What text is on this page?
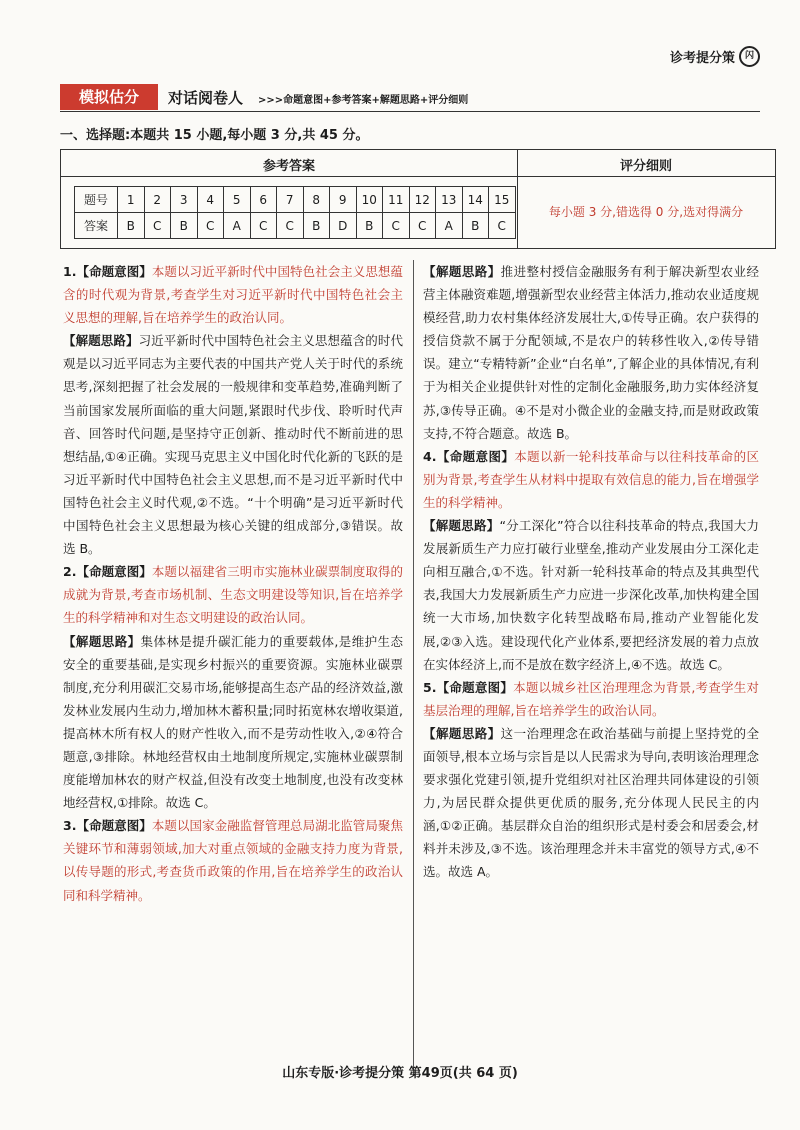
诊考提分策	闪
模拟估分	对话阅卷人 >>>命题意图+参考答案+解题思路+评分细则
一、选择题:本题共 15 小题,每小题 3 分,共 45 分。
参考答案	评分细则
题号	1	2	3	4	5	6	7	8	9	10	11	12	13	14	15
答案	B	C	B	C	A	C	C	B	D	B	C	C	A	B	C
每小题 3 分,错选得 0 分,选对得满分

1.【命题意图】本题以习近平新时代中国特色社会主义思想蕴含的时代观为背景,考查学生对习近平新时代中国特色社会主义思想的理解,旨在培养学生的政治认同。

【解题思路】习近平新时代中国特色社会主义思想蕴含的时代观是以习近平同志为主要代表的中国共产党人关于时代的系统思考,深刻把握了社会发展的一般规律和变革趋势,准确判断了当前国家发展所面临的重大问题,紧跟时代步伐、聆听时代声音、回答时代问题,是坚持守正创新、推动时代不断前进的思想结晶,①④正确。实现马克思主义中国化时代化新的飞跃的是习近平新时代中国特色社会主义思想,而不是习近平新时代中国特色社会主义时代观,②不选。“十个明确”是习近平新时代中国特色社会主义思想最为核心关键的组成部分,③错误。故选 B。

2.【命题意图】本题以福建省三明市实施林业碳票制度取得的成就为背景,考查市场机制、生态文明建设等知识,旨在培养学生的科学精神和对生态文明建设的政治认同。

【解题思路】集体林是提升碳汇能力的重要载体,是维护生态安全的重要基础,是实现乡村振兴的重要资源。实施林业碳票制度,充分利用碳汇交易市场,能够提高生态产品的经济效益,激发林业发展内生动力,增加林木蓄积量;同时拓宽林农增收渠道,提高林木所有权人的财产性收入,而不是劳动性收入,②④符合题意,③排除。林地经营权由土地制度所规定,实施林业碳票制度能增加林农的财产权益,但没有改变土地制度,也没有改变林地经营权,①排除。故选 C。

3.【命题意图】本题以国家金融监督管理总局湖北监管局聚焦关键环节和薄弱领域,加大对重点领域的金融支持力度为背景,以传导题的形式,考查货币政策的作用,旨在培养学生的政治认同和科学精神。

【解题思路】推进整村授信金融服务有利于解决新型农业经营主体融资难题,增强新型农业经营主体活力,推动农业适度规模经营,助力农村集体经济发展壮大,①传导正确。农户获得的授信贷款不属于分配领域,不是农户的转移性收入,②传导错误。建立“专精特新”企业“白名单”,了解企业的具体情况,有利于为相关企业提供针对性的定制化金融服务,助力实体经济复苏,③传导正确。④不是对小微企业的金融支持,而是财政政策支持,不符合题意。故选 B。

4.【命题意图】本题以新一轮科技革命与以往科技革命的区别为背景,考查学生从材料中提取有效信息的能力,旨在增强学生的科学精神。

【解题思路】“分工深化”符合以往科技革命的特点,我国大力发展新质生产力应打破行业壁垒,推动产业发展由分工深化走向相互融合,①不选。针对新一轮科技革命的特点及其典型代表,我国大力发展新质生产力应进一步深化改革,加快构建全国统一大市场,加快数字化转型战略布局,推动产业智能化发展,②③入选。建设现代化产业体系,要把经济发展的着力点放在实体经济上,而不是放在数字经济上,④不选。故选 C。

5.【命题意图】本题以城乡社区治理理念为背景,考查学生对基层治理的理解,旨在培养学生的政治认同。

【解题思路】这一治理理念在政治基础与前提上坚持党的全面领导,根本立场与宗旨是以人民需求为导向,表明该治理理念要求强化党建引领,提升党组织对社区治理共同体建设的引领力,为居民群众提供更优质的服务,充分体现人民民主的内涵,①②正确。基层群众自治的组织形式是村委会和居委会,材料并未涉及,③不选。该治理理念并未丰富党的领导方式,④不选。故选 A。

山东专版·诊考提分策 第49页(共 64 页)
